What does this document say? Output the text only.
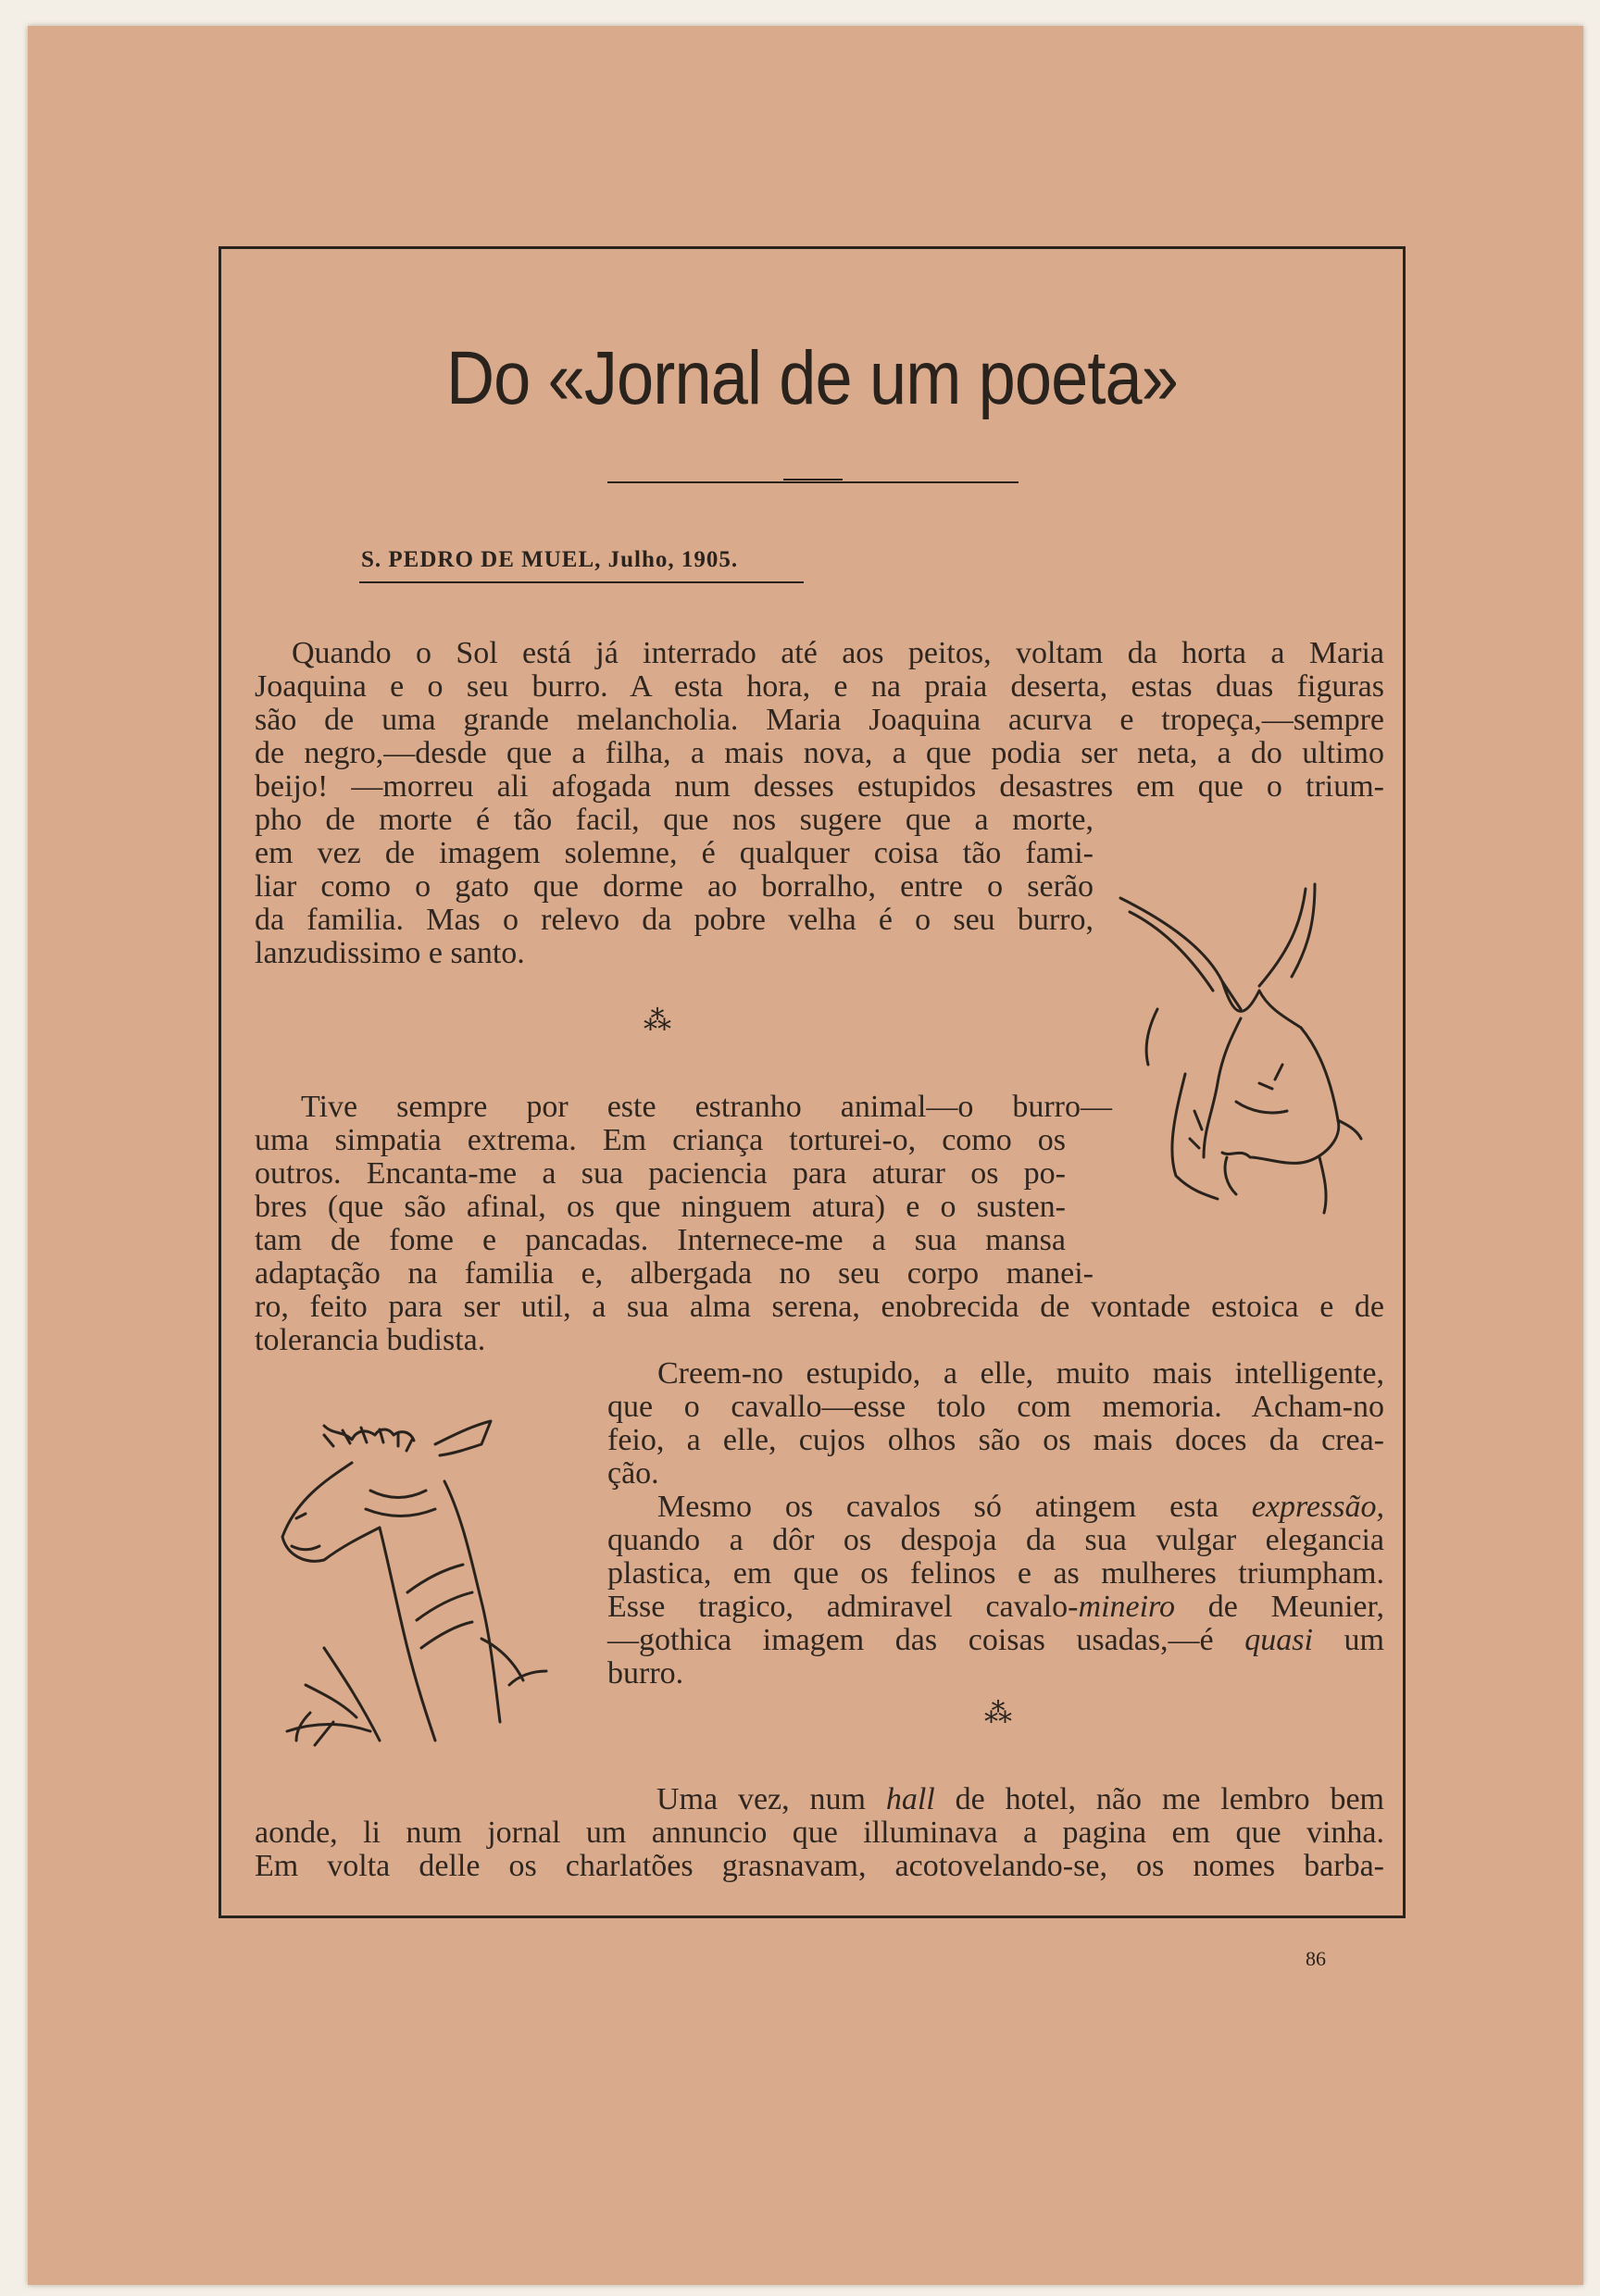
Do «Jornal de um poeta»
S. PEDRO DE MUEL, Julho, 1905.
Quando o Sol está já interrado até aos peitos, voltam da horta a Maria
Joaquina e o seu burro. A esta hora, e na praia deserta, estas duas figuras
são de uma grande melancholia. Maria Joaquina acurva e tropeça,—sempre
de negro,—desde que a filha, a mais nova, a que podia ser neta, a do ultimo
beijo! —morreu ali afogada num desses estupidos desastres em que o trium-
pho de morte é tão facil, que nos sugere que a morte,
em vez de imagem solemne, é qualquer coisa tão fami-
liar como o gato que dorme ao borralho, entre o serão
da familia. Mas o relevo da pobre velha é o seu burro,
lanzudissimo e santo.
⁂
Tive sempre por este estranho animal—o burro—
uma simpatia extrema. Em criança torturei-o, como os
outros. Encanta-me a sua paciencia para aturar os po-
bres (que são afinal, os que ninguem atura) e o susten-
tam de fome e pancadas. Internece-me a sua mansa
adaptação na familia e, albergada no seu corpo manei-
ro, feito para ser util, a sua alma serena, enobrecida de vontade estoica e de
tolerancia budista.
Creem-no estupido, a elle, muito mais intelligente,
que o cavallo—esse tolo com memoria. Acham-no
feio, a elle, cujos olhos são os mais doces da crea-
ção.
Mesmo os cavalos só atingem esta expressão,
quando a dôr os despoja da sua vulgar elegancia
plastica, em que os felinos e as mulheres triumpham.
Esse tragico, admiravel cavalo-mineiro de Meunier,
—gothica imagem das coisas usadas,—é quasi um
burro.
⁂
Uma vez, num hall de hotel, não me lembro bem
aonde, li num jornal um annuncio que illuminava a pagina em que vinha.
Em volta delle os charlatões grasnavam, acotovelando-se, os nomes barba-
86
